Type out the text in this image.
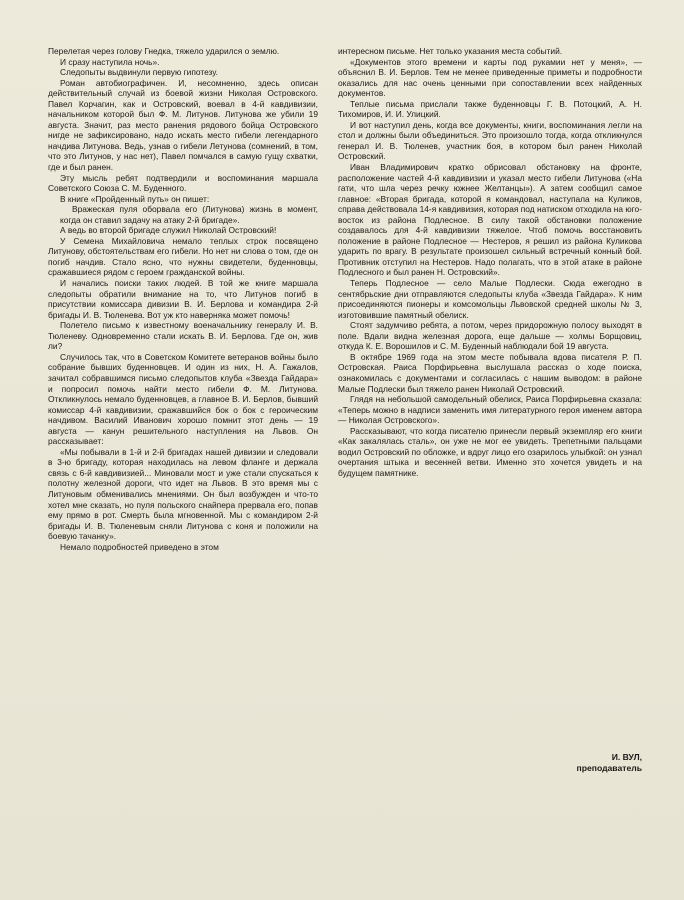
Перелетая через голову Гнедка, тяжело ударился о землю.

И сразу наступила ночь».

Следопыты выдвинули первую гипотезу.

Роман автобиографичен. И, несомненно, здесь описан действительный случай из боевой жизни Николая Островского. Павел Корчагин, как и Островский, воевал в 4-й кавдивизии, начальником которой был Ф. М. Литунов. Литунова же убили 19 августа. Значит, раз место ранения рядового бойца Островского нигде не зафиксировано, надо искать место гибели легендарного начдива Литунова. Ведь, узнав о гибели Летунова (сомнений, в том, что это Литунов, у нас нет), Павел помчался в самую гущу схватки, где и был ранен.

Эту мысль ребят подтвердили и воспоминания маршала Советского Союза С. М. Буденного.

В книге «Пройденный путь» он пишет:

Вражеская пуля оборвала его (Литунова) жизнь в момент, когда он ставил задачу на атаку 2-й бригаде».

А ведь во второй бригаде служил Николай Островский!

У Семена Михайловича немало теплых строк посвящено Литунову, обстоятельствам его гибели. Но нет ни слова о том, где он погиб начдив. Стало ясно, что нужны свидетели, буденновцы, сражавшиеся рядом с героем гражданской войны.

И начались поиски таких людей. В той же книге маршала следопыты обратили внимание на то, что Литунов погиб в присутствии комиссара дивизии В. И. Берлова и командира 2-й бригады И. В. Тюленева. Вот уж кто наверняка может помочь!

Полетело письмо к известному военачальнику генералу И. В. Тюленеву. Одновременно стали искать В. И. Берлова. Где он, жив ли?

Случилось так, что в Советском Комитете ветеранов войны было собрание бывших буденновцев. И один из них, Н. А. Гажалов, зачитал собравшимся письмо следопытов клуба «Звезда Гайдара» и попросил помочь найти место гибели Ф. М. Литунова. Откликнулось немало буденновцев, а главное В. И. Берлов, бывший комиссар 4-й кавдивизии, сражавшийся бок о бок с героическим начдивом. Василий Иванович хорошо помнит этот день — 19 августа — канун решительного наступления на Львов. Он рассказывает:

«Мы побывали в 1-й и 2-й бригадах нашей дивизии и следовали в 3-ю бригаду, которая находилась на левом фланге и держала связь с 6-й кавдивизией... Миновали мост и уже стали спускаться к полотну железной дороги, что идет на Львов. В это время мы с Литуновым обменивались мнениями. Он был возбужден и что-то хотел мне сказать, но пуля польского снайпера прервала его, попав ему прямо в рот. Смерть была мгновенной. Мы с командиром 2-й бригады И. В. Тюленевым сняли Литунова с коня и положили на боевую тачанку».

Немало подробностей приведено в этом

интересном письме. Нет только указания места событий.

«Документов этого времени и карты под рукамии нет у меня», — объяснил В. И. Берлов. Тем не менее приведенные приметы и подробности оказались для нас очень ценными при сопоставлении всех найденных документов.

Теплые письма прислали также буденновцы Г. В. Потоцкий, А. Н. Тихомиров, И. И. Улицкий.

И вот наступил день, когда все документы, книги, воспоминания легли на стол и должны были объединиться. Это произошло тогда, когда откликнулся генерал И. В. Тюленев, участник боя, в котором был ранен Николай Островский.

Иван Владимирович кратко обрисовал обстановку на фронте, расположение частей 4-й кавдивизии и указал место гибели Литунова («На гати, что шла через речку южнее Желтанцы»). А затем сообщил самое главное: «Вторая бригада, которой я командовал, наступала на Куликов, справа действовала 14-я кавдивизия, которая под натиском отходила на юго-восток из района Подлесное. В силу такой обстановки положение создавалось для 4-й кавдивизии тяжелое. Чтоб помочь восстановить положение в районе Подлесное — Нестеров, я решил из района Куликова ударить по врагу. В результате произошел сильный встречный конный бой. Противник отступил на Нестеров. Надо полагать, что в этой атаке в районе Подлесного и был ранен Н. Островский».

Теперь Подлесное — село Малые Подлески. Сюда ежегодно в сентябрьские дни отправляются следопыты клуба «Звезда Гайдара». К ним присоединяются пионеры и комсомольцы Львовской средней школы № 3, изготовившие памятный обелиск.

Стоят задумчиво ребята, а потом, через придорожную полосу выходят в поле. Вдали видна железная дорога, еще дальше — холмы Борщовиц, откуда К. Е. Ворошилов и С. М. Буденный наблюдали бой 19 августа.

В октябре 1969 года на этом месте побывала вдова писателя Р. П. Островская. Раиса Порфирьевна выслушала рассказ о ходе поиска, ознакомилась с документами и согласилась с нашим выводом: в районе Малые Подлески был тяжело ранен Николай Островский.

Глядя на небольшой самодельный обелиск, Раиса Порфирьевна сказала: «Теперь можно в надписи заменить имя литературного героя именем автора — Николая Островского».

Рассказывают, что когда писателю принесли первый экземпляр его книги «Как закалялась сталь», он уже не мог ее увидеть. Трепетными пальцами водил Островский по обложке, и вдруг лицо его озарилось улыбкой: он узнал очертания штыка и весенней ветви. Именно это хочется увидеть и на будущем памятнике.

И. ВУЛ,
преподаватель
